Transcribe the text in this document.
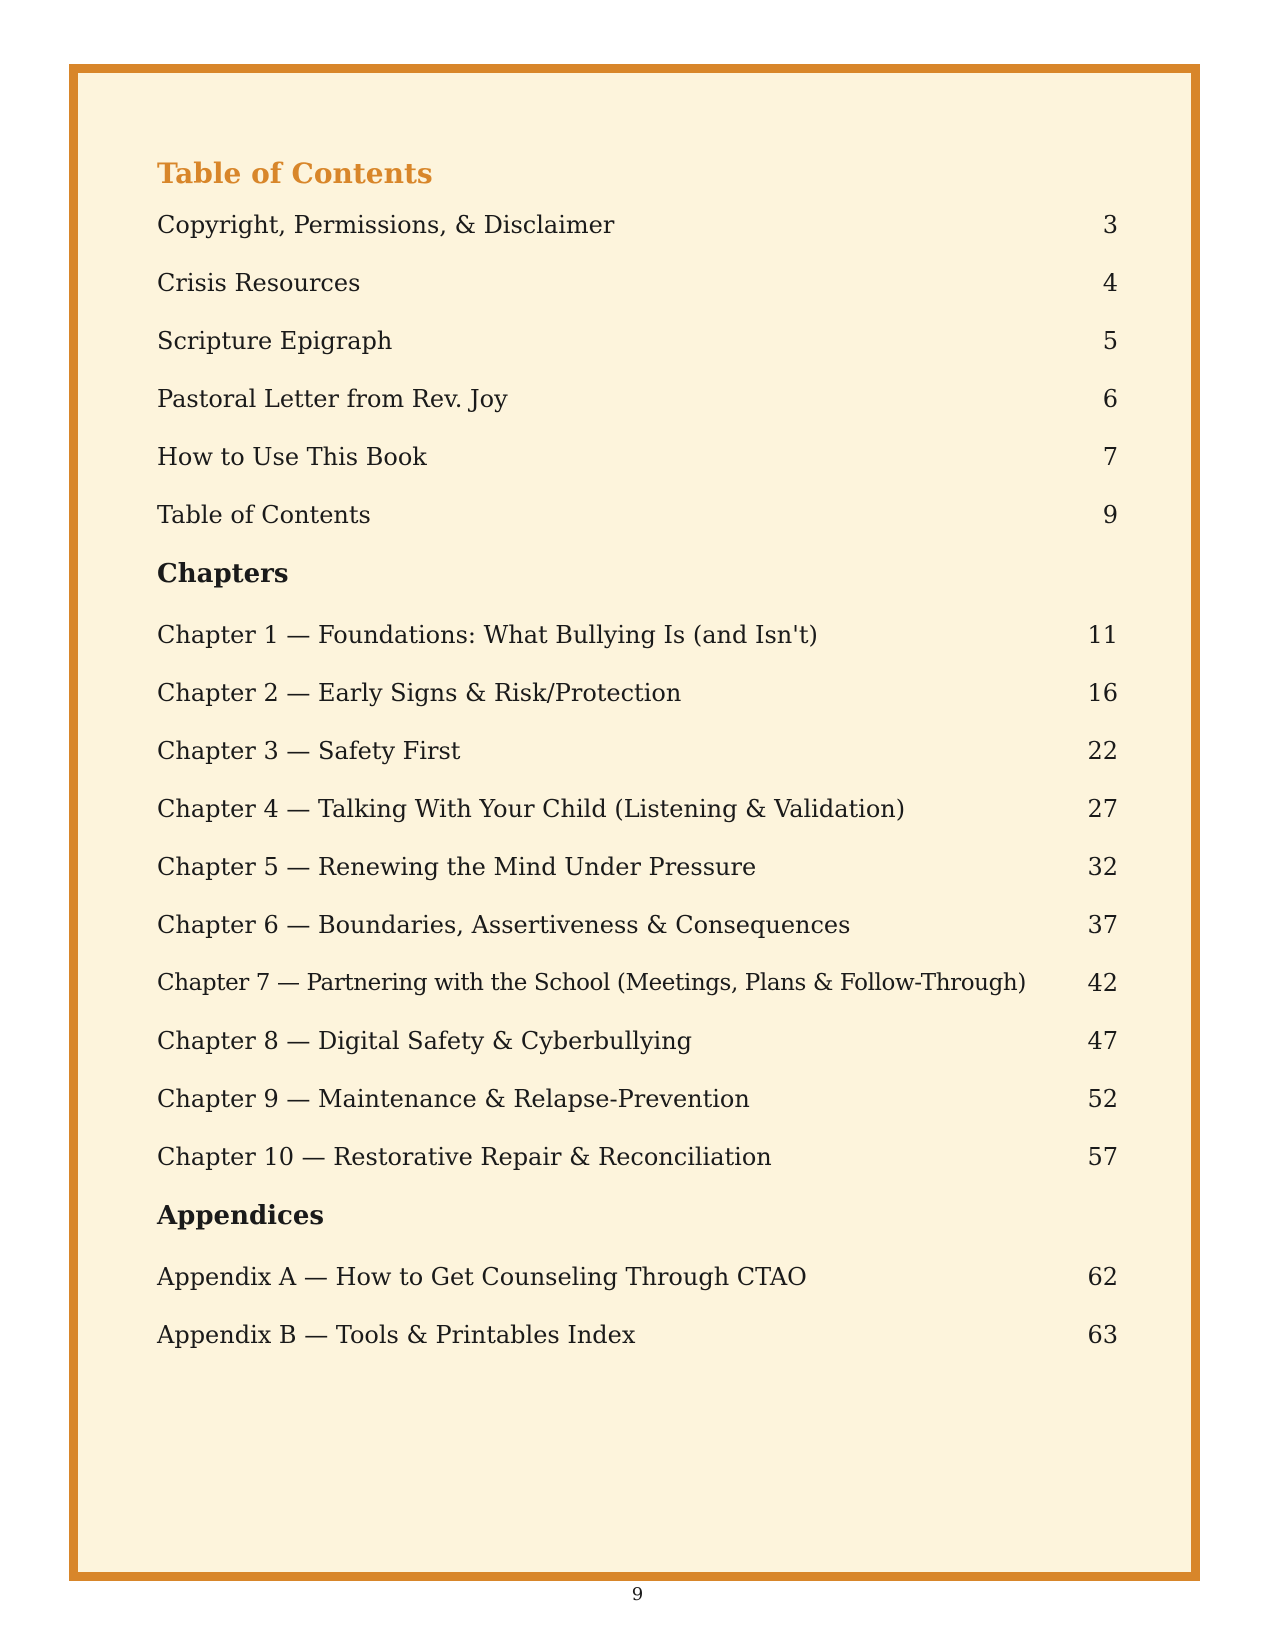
Table of Contents
Copyright, Permissions, & Disclaimer	3
Crisis Resources	4
Scripture Epigraph	5
Pastoral Letter from Rev. Joy	6
How to Use This Book	7
Table of Contents	9
Chapters
Chapter 1 — Foundations: What Bullying Is (and Isn't)	11
Chapter 2 — Early Signs & Risk/Protection	16
Chapter 3 — Safety First	22
Chapter 4 — Talking With Your Child (Listening & Validation)	27
Chapter 5 — Renewing the Mind Under Pressure	32
Chapter 6 — Boundaries, Assertiveness & Consequences	37
Chapter 7 — Partnering with the School (Meetings, Plans & Follow-Through)	42
Chapter 8 — Digital Safety & Cyberbullying	47
Chapter 9 — Maintenance & Relapse-Prevention	52
Chapter 10 — Restorative Repair & Reconciliation	57
Appendices
Appendix A — How to Get Counseling Through CTAO	62
Appendix B — Tools & Printables Index	63
9
